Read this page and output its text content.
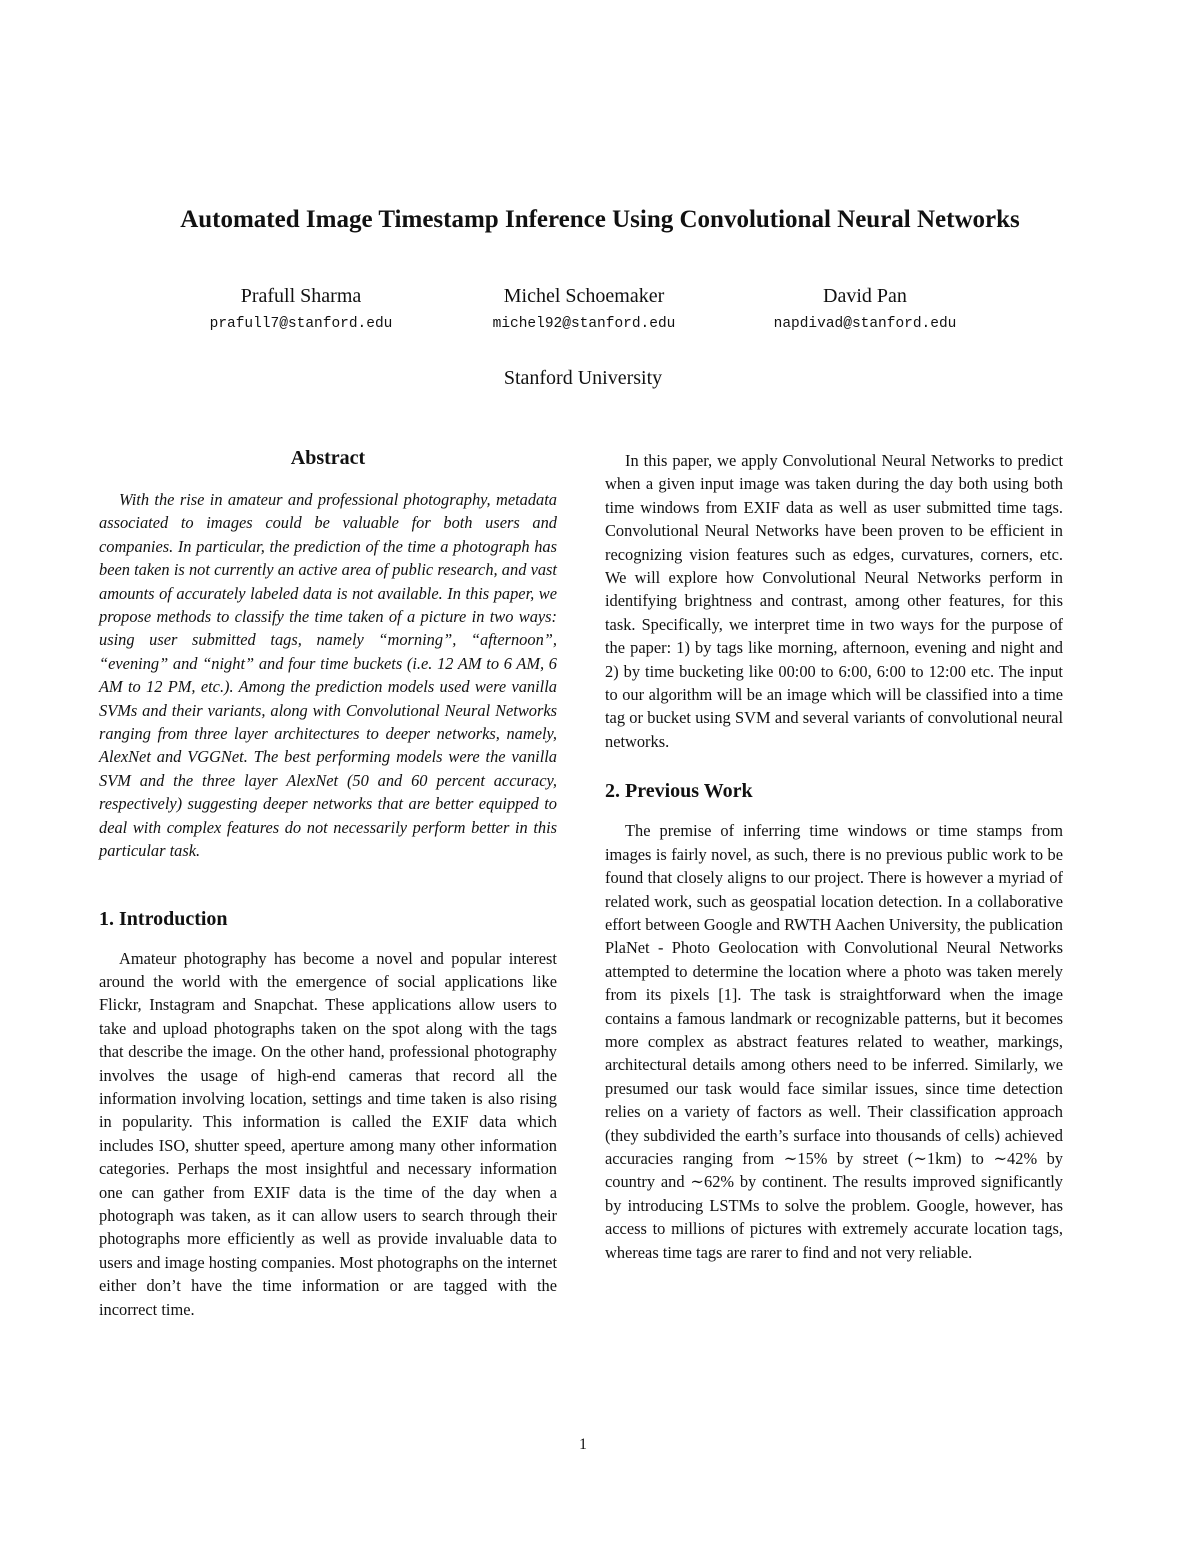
Automated Image Timestamp Inference Using Convolutional Neural Networks
Prafull Sharma
prafull7@stanford.edu
Michel Schoemaker
michel92@stanford.edu
David Pan
napdivad@stanford.edu
Stanford University
Abstract

With the rise in amateur and professional photography, metadata associated to images could be valuable for both users and companies. In particular, the prediction of the time a photograph has been taken is not currently an active area of public research, and vast amounts of accurately labeled data is not available. In this paper, we propose methods to classify the time taken of a picture in two ways: using user submitted tags, namely “morning”, “afternoon”, “evening” and “night” and four time buckets (i.e. 12 AM to 6 AM, 6 AM to 12 PM, etc.). Among the prediction models used were vanilla SVMs and their variants, along with Convolutional Neural Networks ranging from three layer architectures to deeper networks, namely, AlexNet and VGGNet. The best performing models were the vanilla SVM and the three layer AlexNet (50 and 60 percent accuracy, respectively) suggesting deeper networks that are better equipped to deal with complex features do not necessarily perform better in this particular task.

1. Introduction

Amateur photography has become a novel and popular interest around the world with the emergence of social applications like Flickr, Instagram and Snapchat. These applications allow users to take and upload photographs taken on the spot along with the tags that describe the image. On the other hand, professional photography involves the usage of high-end cameras that record all the information involving location, settings and time taken is also rising in popularity. This information is called the EXIF data which includes ISO, shutter speed, aperture among many other information categories. Perhaps the most insightful and necessary information one can gather from EXIF data is the time of the day when a photograph was taken, as it can allow users to search through their photographs more efficiently as well as provide invaluable data to users and image hosting companies. Most photographs on the internet either don’t have the time information or are tagged with the incorrect time.

In this paper, we apply Convolutional Neural Networks to predict when a given input image was taken during the day both using both time windows from EXIF data as well as user submitted time tags. Convolutional Neural Networks have been proven to be efficient in recognizing vision features such as edges, curvatures, corners, etc. We will explore how Convolutional Neural Networks perform in identifying brightness and contrast, among other features, for this task. Specifically, we interpret time in two ways for the purpose of the paper: 1) by tags like morning, afternoon, evening and night and 2) by time bucketing like 00:00 to 6:00, 6:00 to 12:00 etc. The input to our algorithm will be an image which will be classified into a time tag or bucket using SVM and several variants of convolutional neural networks.

2. Previous Work

The premise of inferring time windows or time stamps from images is fairly novel, as such, there is no previous public work to be found that closely aligns to our project. There is however a myriad of related work, such as geospatial location detection. In a collaborative effort between Google and RWTH Aachen University, the publication PlaNet - Photo Geolocation with Convolutional Neural Networks attempted to determine the location where a photo was taken merely from its pixels [1]. The task is straightforward when the image contains a famous landmark or recognizable patterns, but it becomes more complex as abstract features related to weather, markings, architectural details among others need to be inferred. Similarly, we presumed our task would face similar issues, since time detection relies on a variety of factors as well. Their classification approach (they subdivided the earth’s surface into thousands of cells) achieved accuracies ranging from ∼15% by street (∼1km) to ∼42% by country and ∼62% by continent. The results improved significantly by introducing LSTMs to solve the problem. Google, however, has access to millions of pictures with extremely accurate location tags, whereas time tags are rarer to find and not very reliable.

1
